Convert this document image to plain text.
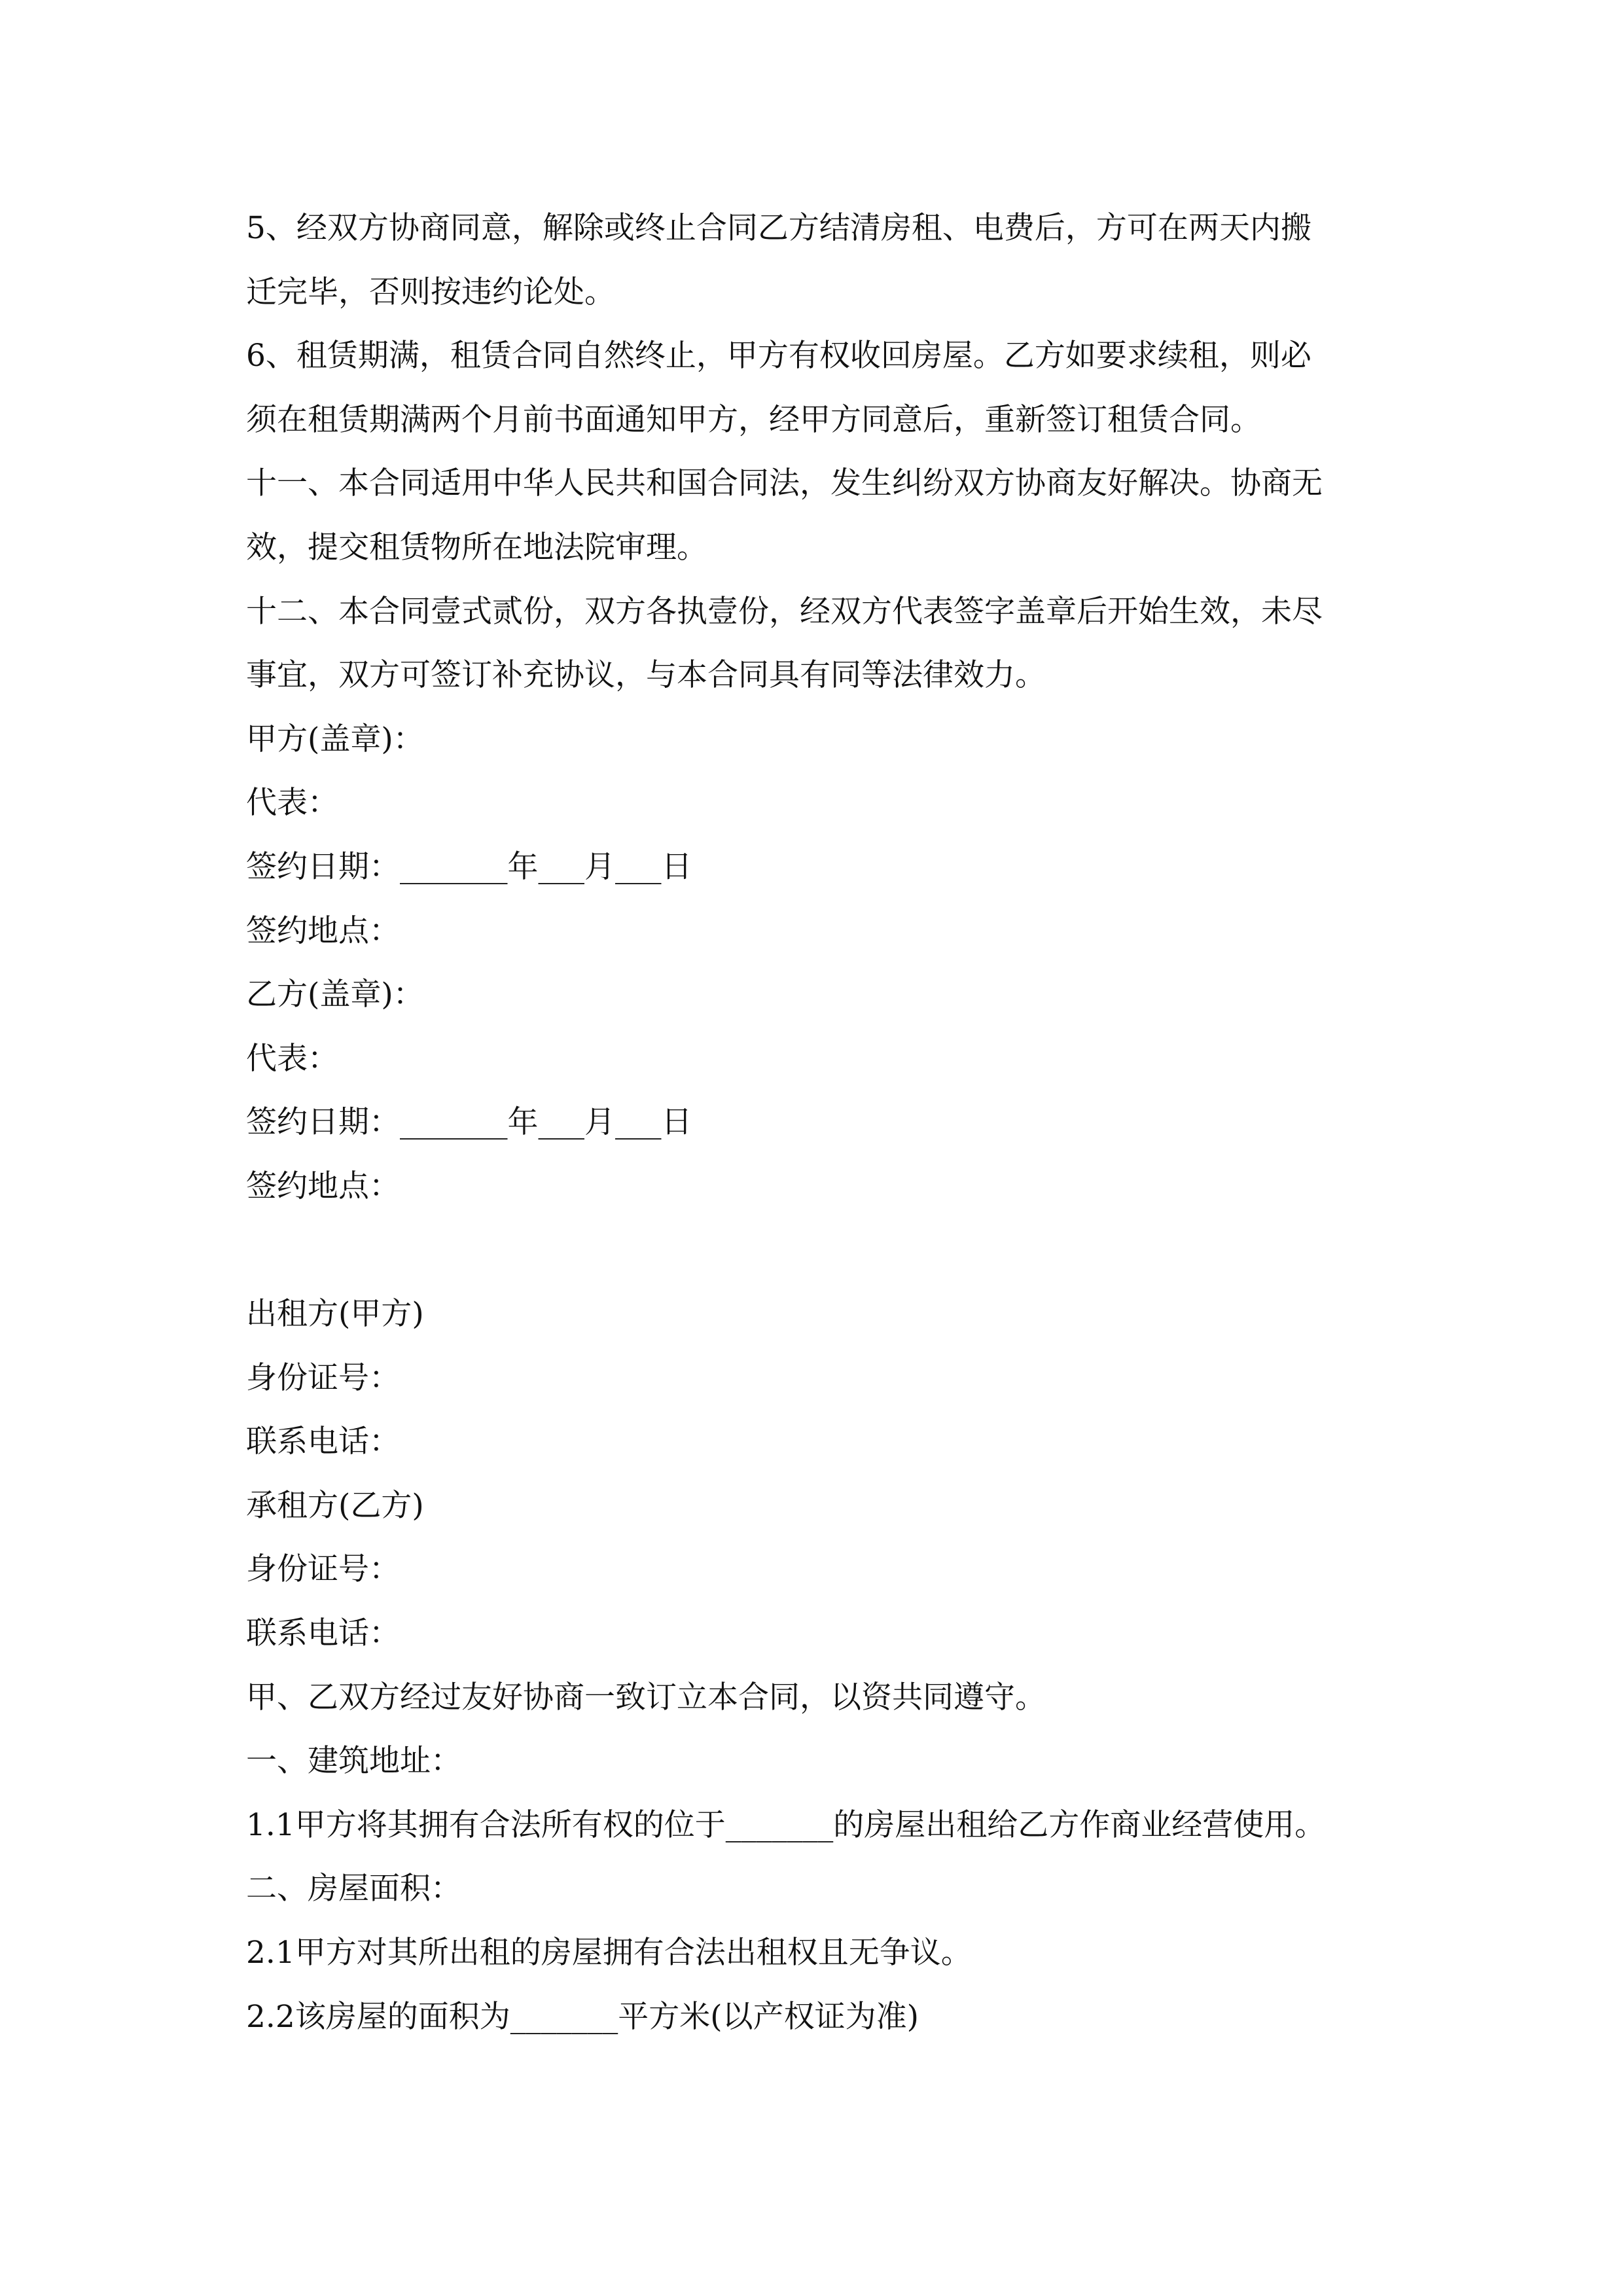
5、经双方协商同意，解除或终止合同乙方结清房租、电费后，方可在两天内搬
迁完毕，否则按违约论处。
6、租赁期满，租赁合同自然终止，甲方有权收回房屋。乙方如要求续租，则必
须在租赁期满两个月前书面通知甲方，经甲方同意后，重新签订租赁合同。
十一、本合同适用中华人民共和国合同法，发生纠纷双方协商友好解决。协商无
效，提交租赁物所在地法院审理。
十二、本合同壹式贰份，双方各执壹份，经双方代表签字盖章后开始生效，未尽
事宜，双方可签订补充协议，与本合同具有同等法律效力。
甲方(盖章)：
代表：
签约日期：_______年___月___日
签约地点：
乙方(盖章)：
代表：
签约日期：_______年___月___日
签约地点：
出租方(甲方)
身份证号：
联系电话：
承租方(乙方)
身份证号：
联系电话：
甲、乙双方经过友好协商一致订立本合同，以资共同遵守。
一、建筑地址：
1.1甲方将其拥有合法所有权的位于_______的房屋出租给乙方作商业经营使用。
二、房屋面积：
2.1甲方对其所出租的房屋拥有合法出租权且无争议。
2.2该房屋的面积为_______平方米(以产权证为准)
